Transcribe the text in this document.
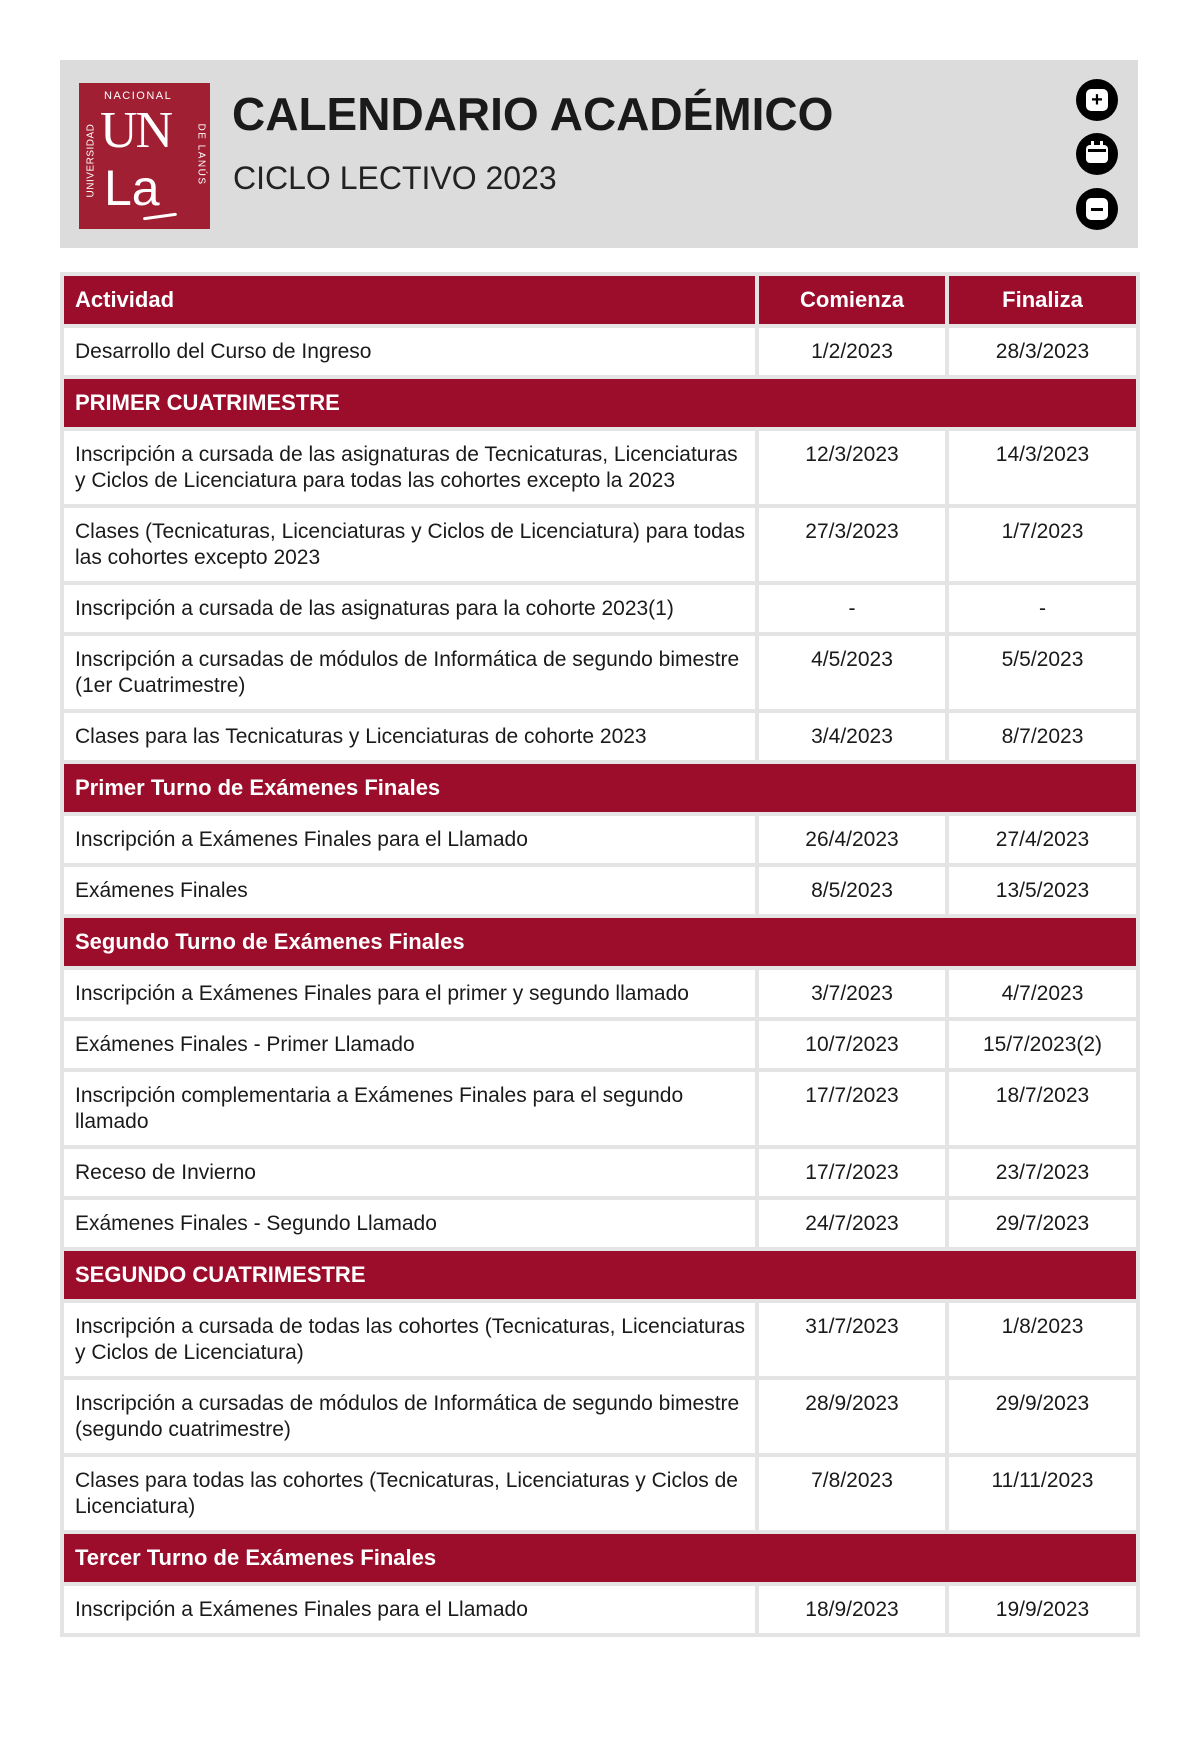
NACIONAL
UNIVERSIDAD	DE LANÚS
UN
La
CALENDARIO ACADÉMICO
CICLO LECTIVO 2023
+
Actividad	Comienza	Finaliza
Desarrollo del Curso de Ingreso	1/2/2023	28/3/2023
PRIMER CUATRIMESTRE		
Inscripción a cursada de las asignaturas de Tecnicaturas, Licenciaturas y Ciclos de Licenciatura para todas las cohortes excepto la 2023	12/3/2023	14/3/2023
Clases (Tecnicaturas, Licenciaturas y Ciclos de Licenciatura) para todas las cohortes excepto 2023	27/3/2023	1/7/2023
Inscripción a cursada de las asignaturas para la cohorte 2023(1)	-	-
Inscripción a cursadas de módulos de Informática de segundo bimestre (1er Cuatrimestre)	4/5/2023	5/5/2023
Clases para las Tecnicaturas y Licenciaturas de cohorte 2023	3/4/2023	8/7/2023
Primer Turno de Exámenes Finales		
Inscripción a Exámenes Finales para el Llamado	26/4/2023	27/4/2023
Exámenes Finales	8/5/2023	13/5/2023
Segundo Turno de Exámenes Finales		
Inscripción a Exámenes Finales para el primer y segundo llamado	3/7/2023	4/7/2023
Exámenes Finales - Primer Llamado	10/7/2023	15/7/2023(2)
Inscripción complementaria a Exámenes Finales para el segundo llamado	17/7/2023	18/7/2023
Receso de Invierno	17/7/2023	23/7/2023
Exámenes Finales - Segundo Llamado	24/7/2023	29/7/2023
SEGUNDO CUATRIMESTRE		
Inscripción a cursada de todas las cohortes (Tecnicaturas, Licenciaturas y Ciclos de Licenciatura)	31/7/2023	1/8/2023
Inscripción a cursadas de módulos de Informática de segundo bimestre (segundo cuatrimestre)	28/9/2023	29/9/2023
Clases para todas las cohortes (Tecnicaturas, Licenciaturas y Ciclos de Licenciatura)	7/8/2023	11/11/2023
Tercer Turno de Exámenes Finales		
Inscripción a Exámenes Finales para el Llamado	18/9/2023	19/9/2023
